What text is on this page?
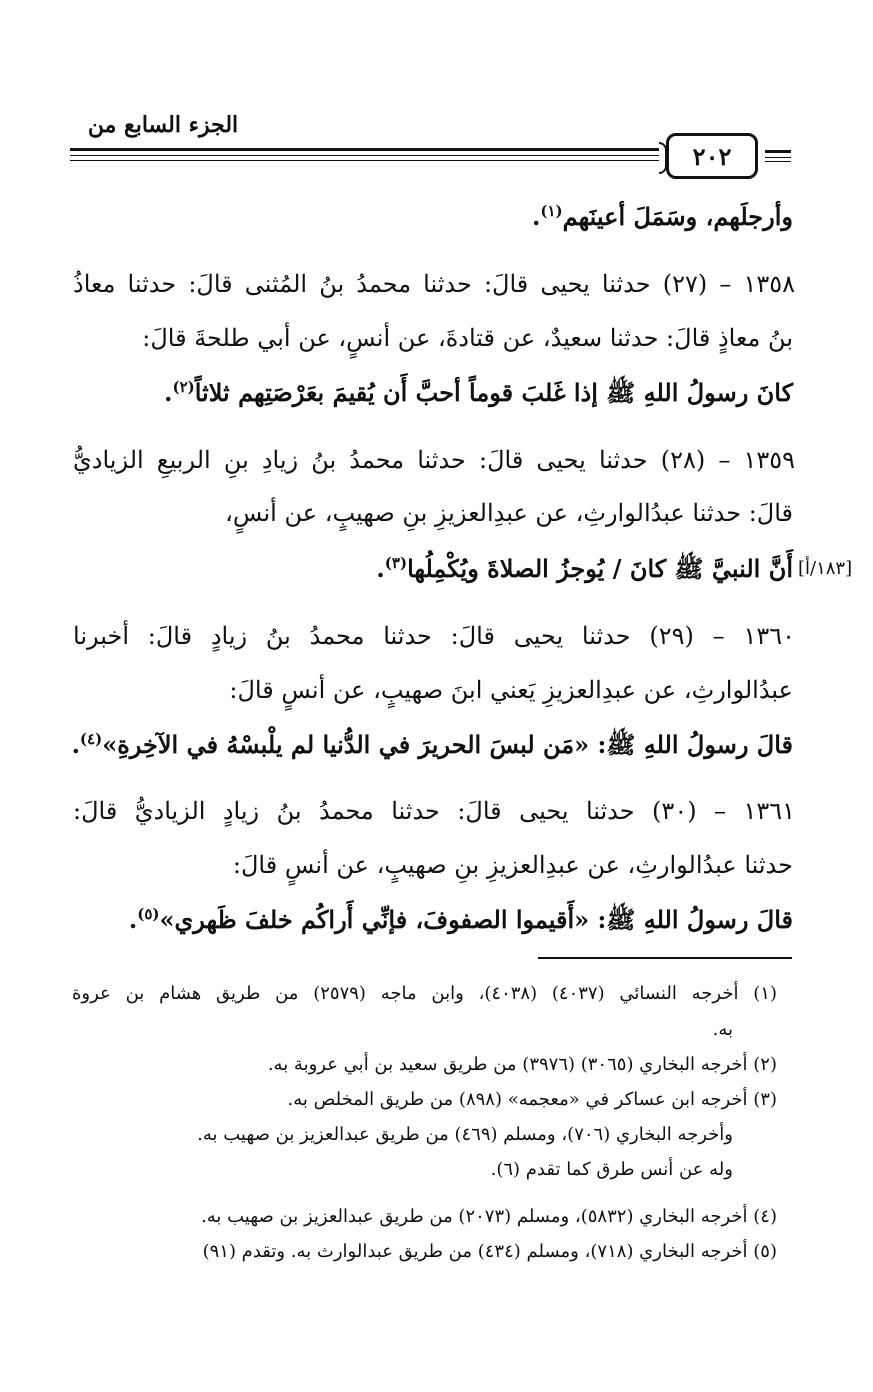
الجزء السابع من
٢٠٢
وأرجلَهم، وسَمَلَ أعينَهم$^{(١)}$.
١٣٥٨ – (٢٧) حدثنا يحيى قالَ: حدثنا محمدُ بنُ المُثنى قالَ: حدثنا معاذُ
بنُ معاذٍ قالَ: حدثنا سعيدٌ، عن قتادةَ، عن أنسٍ، عن أبي طلحةَ قالَ:
كانَ رسولُ اللهِ ﷺ إذا غَلبَ قوماً أحبَّ أَن يُقيمَ بعَرْصَتِهم ثلاثاً$^{(٢)}$.
١٣٥٩ – (٢٨) حدثنا يحيى قالَ: حدثنا محمدُ بنُ زيادِ بنِ الربيعِ الزياديُّ
قالَ: حدثنا عبدُالوارثِ، عن عبدِالعزيزِ بنِ صهيبٍ، عن أنسٍ،
أَنَّ النبيَّ ﷺ كانَ / يُوجزُ الصلاةَ ويُكْمِلُها$^{(٣)}$.	[١٨٣/أ]
١٣٦٠ – (٢٩) حدثنا يحيى قالَ: حدثنا محمدُ بنُ زيادٍ قالَ: أخبرنا
عبدُالوارثِ، عن عبدِالعزيزِ يَعني ابنَ صهيبٍ، عن أنسٍ قالَ:
قالَ رسولُ اللهِ ﷺ: «مَن لبسَ الحريرَ في الدُّنيا لم يلْبسْهُ في الآخِرةِ»$^{(٤)}$.
١٣٦١ – (٣٠) حدثنا يحيى قالَ: حدثنا محمدُ بنُ زيادٍ الزياديُّ قالَ:
حدثنا عبدُالوارثِ، عن عبدِالعزيزِ بنِ صهيبٍ، عن أنسٍ قالَ:
قالَ رسولُ اللهِ ﷺ: «أَقيموا الصفوفَ، فإنِّي أَراكُم خلفَ ظَهري»$^{(٥)}$.
(١) أخرجه النسائي (٤٠٣٧) (٤٠٣٨)، وابن ماجه (٢٥٧٩) من طريق هشام بن عروة
به.
(٢) أخرجه البخاري (٣٠٦٥) (٣٩٧٦) من طريق سعيد بن أبي عروبة به.
(٣) أخرجه ابن عساكر في «معجمه» (٨٩٨) من طريق المخلص به.
وأخرجه البخاري (٧٠٦)، ومسلم (٤٦٩) من طريق عبدالعزيز بن صهيب به.
وله عن أنس طرق كما تقدم (٦).
(٤) أخرجه البخاري (٥٨٣٢)، ومسلم (٢٠٧٣) من طريق عبدالعزيز بن صهيب به.
(٥) أخرجه البخاري (٧١٨)، ومسلم (٤٣٤) من طريق عبدالوارث به. وتقدم (٩١)
